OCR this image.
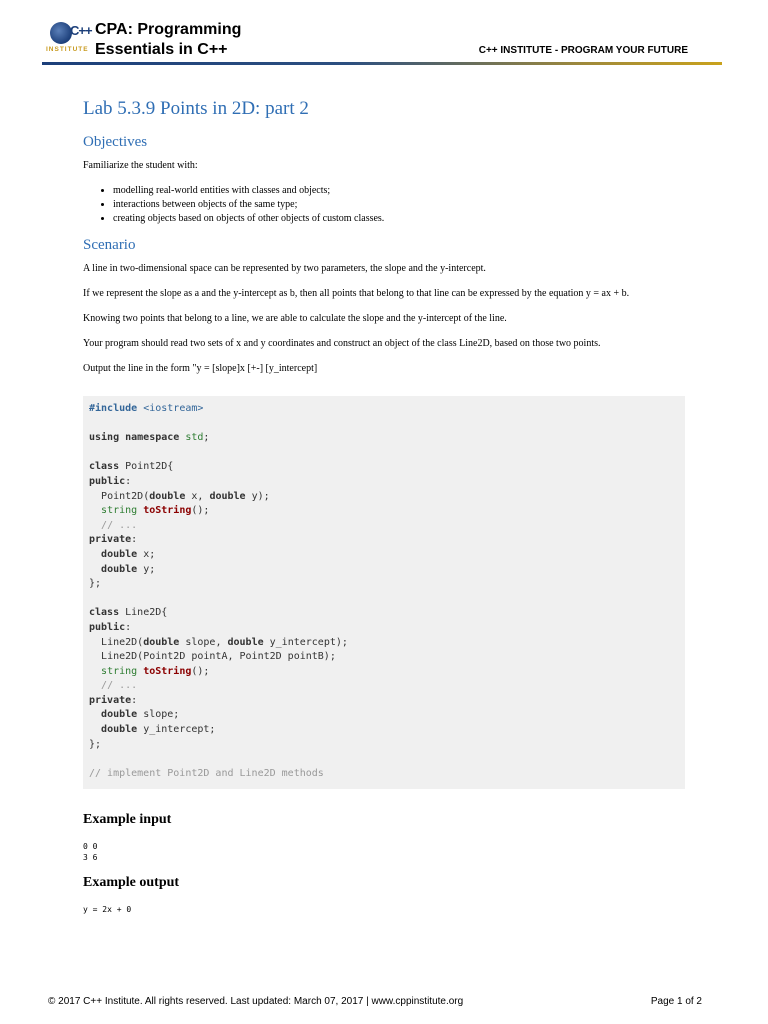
C++
INSTITUTE
CPA: Programming
Essentials in C++	C++ INSTITUTE - PROGRAM YOUR FUTURE
Lab 5.3.9 Points in 2D: part 2
Objectives

Familiarize the student with:

• modelling real-world entities with classes and objects;
• interactions between objects of the same type;
• creating objects based on objects of other objects of custom classes.
Scenario

A line in two-dimensional space can be represented by two parameters, the slope and the y-intercept.

If we represent the slope as a and the y-intercept as b, then all points that belong to that line can be expressed by the equation y = ax + b.

Knowing two points that belong to a line, we are able to calculate the slope and the y-intercept of the line.

Your program should read two sets of x and y coordinates and construct an object of the class Line2D, based on those two points.

Output the line in the form "y = [slope]x [+-] [y_intercept]

#include <iostream>
using namespace std;
class Point2D{
public:
Point2D(double x, double y);
string toString();
// ...
private:
double x;
double y;
};
class Line2D{
public:
Line2D(double slope, double y_intercept);
Line2D(Point2D pointA, Point2D pointB);
string toString();
// ...
private:
double slope;
double y_intercept;
};
// implement Point2D and Line2D methods
Example input
0 0
3 6
Example output
y = 2x + 0
© 2017 C++ Institute. All rights reserved. Last updated: March 07, 2017 | www.cppinstitute.org	Page 1 of 2
